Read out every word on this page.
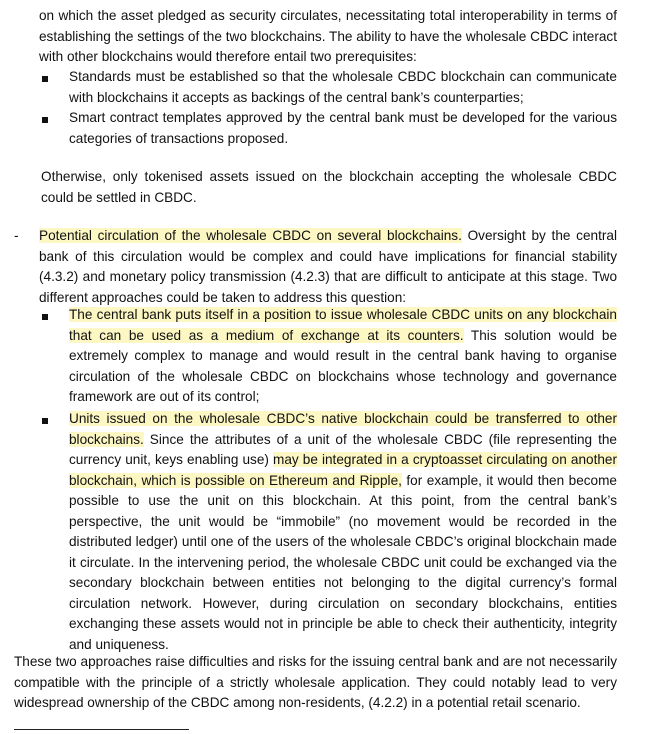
on which the asset pledged as security circulates, necessitating total interoperability in terms of establishing the settings of the two blockchains. The ability to have the wholesale CBDC interact with other blockchains would therefore entail two prerequisites:

Standards must be established so that the wholesale CBDC blockchain can communicate with blockchains it accepts as backings of the central bank’s counterparties;

Smart contract templates approved by the central bank must be developed for the various categories of transactions proposed.

Otherwise, only tokenised assets issued on the blockchain accepting the wholesale CBDC could be settled in CBDC.

- Potential circulation of the wholesale CBDC on several blockchains. Oversight by the central bank of this circulation would be complex and could have implications for financial stability (4.3.2) and monetary policy transmission (4.2.3) that are difficult to anticipate at this stage. Two different approaches could be taken to address this question:

The central bank puts itself in a position to issue wholesale CBDC units on any blockchain that can be used as a medium of exchange at its counters. This solution would be extremely complex to manage and would result in the central bank having to organise circulation of the wholesale CBDC on blockchains whose technology and governance framework are out of its control;

Units issued on the wholesale CBDC’s native blockchain could be transferred to other blockchains. Since the attributes of a unit of the wholesale CBDC (file representing the currency unit, keys enabling use) may be integrated in a cryptoasset circulating on another blockchain, which is possible on Ethereum and Ripple, for example, it would then become possible to use the unit on this blockchain. At this point, from the central bank’s perspective, the unit would be “immobile” (no movement would be recorded in the distributed ledger) until one of the users of the wholesale CBDC’s original blockchain made it circulate. In the intervening period, the wholesale CBDC unit could be exchanged via the secondary blockchain between entities not belonging to the digital currency’s formal circulation network. However, during circulation on secondary blockchains, entities exchanging these assets would not in principle be able to check their authenticity, integrity and uniqueness.

These two approaches raise difficulties and risks for the issuing central bank and are not necessarily compatible with the principle of a strictly wholesale application. They could notably lead to very widespread ownership of the CBDC among non-residents, (4.2.2) in a potential retail scenario.
